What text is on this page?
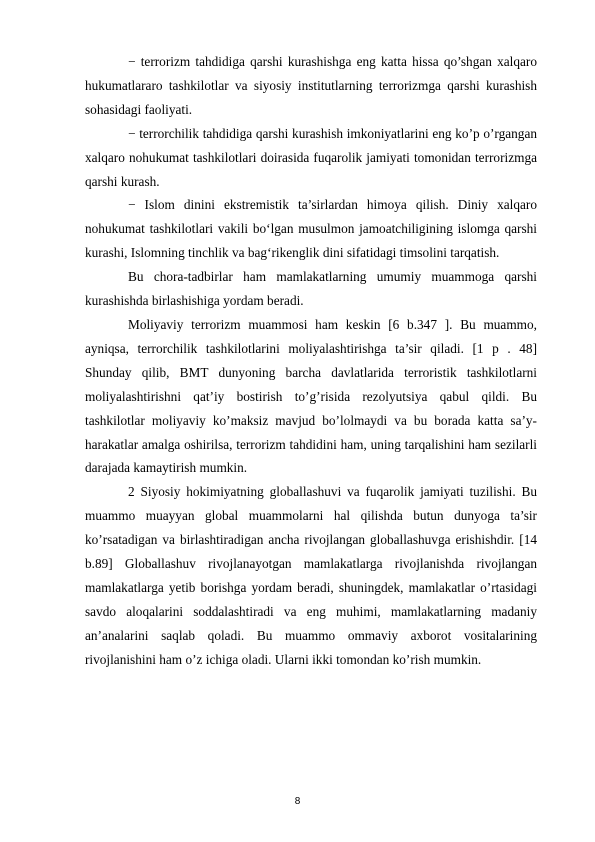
− terrorizm tahdidiga qarshi kurashishga eng katta hissa qo’shgan xalqaro hukumatlararo tashkilotlar va siyosiy institutlarning terrorizmga qarshi kurashish sohasidagi faoliyati.

− terrorchilik tahdidiga qarshi kurashish imkoniyatlarini eng ko’p o’rgangan xalqaro nohukumat tashkilotlari doirasida fuqarolik jamiyati tomonidan terrorizmga qarshi kurash.

− Islom dinini ekstremistik ta’sirlardan himoya qilish. Diniy xalqaro nohukumat tashkilotlari vakili bo‘lgan musulmon jamoatchiligining islomga qarshi kurashi, Islomning tinchlik va bag‘rikenglik dini sifatidagi timsolini tarqatish.

Bu chora-tadbirlar ham mamlakatlarning umumiy muammoga qarshi kurashishda birlashishiga yordam beradi.

Moliyaviy terrorizm muammosi ham keskin [6 b.347 ]. Bu muammo, ayniqsa, terrorchilik tashkilotlarini moliyalashtirishga ta’sir qiladi. [1 p . 48] Shunday qilib, BMT dunyoning barcha davlatlarida terroristik tashkilotlarni moliyalashtirishni qat’iy bostirish to’g’risida rezolyutsiya qabul qildi. Bu tashkilotlar moliyaviy ko’maksiz mavjud bo’lolmaydi va bu borada katta sa’y-harakatlar amalga oshirilsa, terrorizm tahdidini ham, uning tarqalishini ham sezilarli darajada kamaytirish mumkin.

2 Siyosiy hokimiyatning globallashuvi va fuqarolik jamiyati tuzilishi. Bu muammo muayyan global muammolarni hal qilishda butun dunyoga ta’sir ko’rsatadigan va birlashtiradigan ancha rivojlangan globallashuvga erishishdir. [14 b.89] Globallashuv rivojlanayotgan mamlakatlarga rivojlanishda rivojlangan mamlakatlarga yetib borishga yordam beradi, shuningdek, mamlakatlar o’rtasidagi savdo aloqalarini soddalashtiradi va eng muhimi, mamlakatlarning madaniy an’analarini saqlab qoladi. Bu muammo ommaviy axborot vositalarining rivojlanishini ham o’z ichiga oladi. Ularni ikki tomondan ko’rish mumkin.

8
